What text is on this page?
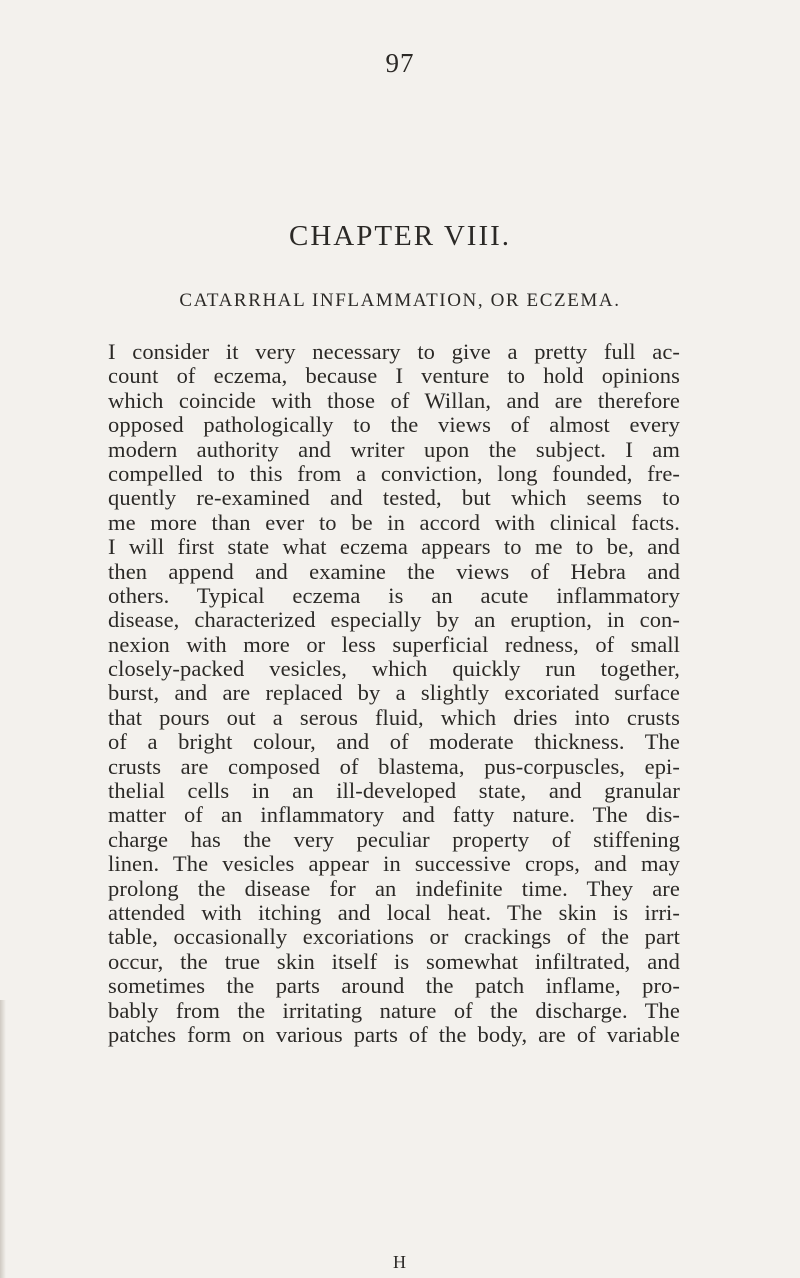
97
CHAPTER VIII.
CATARRHAL INFLAMMATION, OR ECZEMA.
I consider it very necessary to give a pretty full ac-
count of eczema, because I venture to hold opinions
which coincide with those of Willan, and are therefore
opposed pathologically to the views of almost every
modern authority and writer upon the subject. I am
compelled to this from a conviction, long founded, fre-
quently re-examined and tested, but which seems to
me more than ever to be in accord with clinical facts.
I will first state what eczema appears to me to be, and
then append and examine the views of Hebra and
others. Typical eczema is an acute inflammatory
disease, characterized especially by an eruption, in con-
nexion with more or less superficial redness, of small
closely-packed vesicles, which quickly run together,
burst, and are replaced by a slightly excoriated surface
that pours out a serous fluid, which dries into crusts
of a bright colour, and of moderate thickness. The
crusts are composed of blastema, pus-corpuscles, epi-
thelial cells in an ill-developed state, and granular
matter of an inflammatory and fatty nature. The dis-
charge has the very peculiar property of stiffening
linen. The vesicles appear in successive crops, and may
prolong the disease for an indefinite time. They are
attended with itching and local heat. The skin is irri-
table, occasionally excoriations or crackings of the part
occur, the true skin itself is somewhat infiltrated, and
sometimes the parts around the patch inflame, pro-
bably from the irritating nature of the discharge. The
patches form on various parts of the body, are of variable
H
